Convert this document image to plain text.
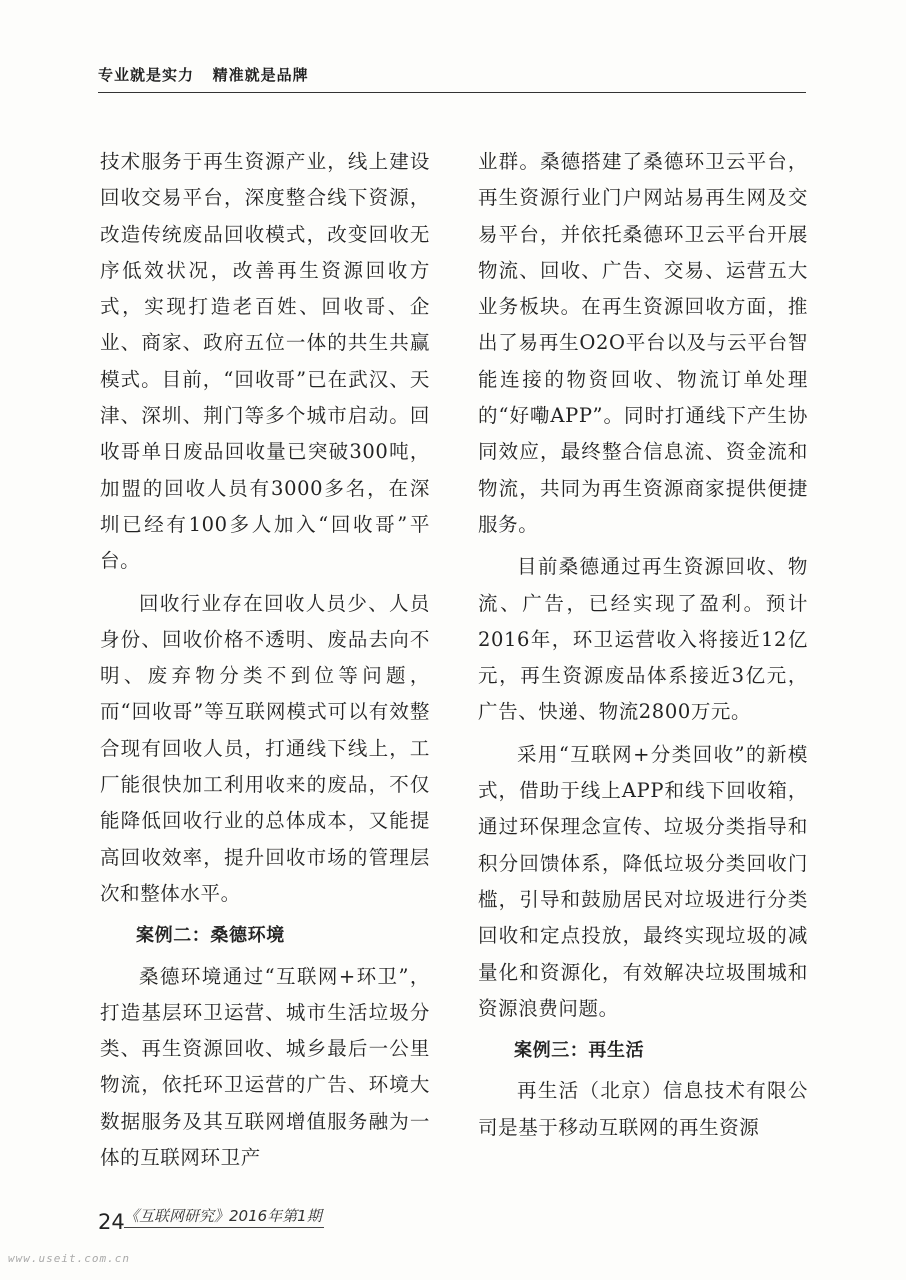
专业就是实力   精准就是品牌

技术服务于再生资源产业，线上建设回收交易平台，深度整合线下资源，改造传统废品回收模式，改变回收无序低效状况，改善再生资源回收方式，实现打造老百姓、回收哥、企业、商家、政府五位一体的共生共赢模式。目前，“回收哥”已在武汉、天津、深圳、荆门等多个城市启动。回收哥单日废品回收量已突破300吨，加盟的回收人员有3000多名，在深圳已经有100多人加入“回收哥”平台。

回收行业存在回收人员少、人员身份、回收价格不透明、废品去向不明、废弃物分类不到位等问题，而“回收哥”等互联网模式可以有效整合现有回收人员，打通线下线上，工厂能很快加工利用收来的废品，不仅能降低回收行业的总体成本，又能提高回收效率，提升回收市场的管理层次和整体水平。

案例二：桑德环境

桑德环境通过“互联网+环卫”，打造基层环卫运营、城市生活垃圾分类、再生资源回收、城乡最后一公里物流，依托环卫运营的广告、环境大数据服务及其互联网增值服务融为一体的互联网环卫产

业群。桑德搭建了桑德环卫云平台，再生资源行业门户网站易再生网及交易平台，并依托桑德环卫云平台开展物流、回收、广告、交易、运营五大业务板块。在再生资源回收方面，推出了易再生O2O平台以及与云平台智能连接的物资回收、物流订单处理的“好嘞APP”。同时打通线下产生协同效应，最终整合信息流、资金流和物流，共同为再生资源商家提供便捷服务。

目前桑德通过再生资源回收、物流、广告，已经实现了盈利。预计2016年，环卫运营收入将接近12亿元，再生资源废品体系接近3亿元，广告、快递、物流2800万元。

采用“互联网+分类回收”的新模式，借助于线上APP和线下回收箱，通过环保理念宣传、垃圾分类指导和积分回馈体系，降低垃圾分类回收门槛，引导和鼓励居民对垃圾进行分类回收和定点投放，最终实现垃圾的减量化和资源化，有效解决垃圾围城和资源浪费问题。

案例三：再生活

再生活（北京）信息技术有限公司是基于移动互联网的再生资源

24 《互联网研究》2016年第1期
www.useit.com.cn
